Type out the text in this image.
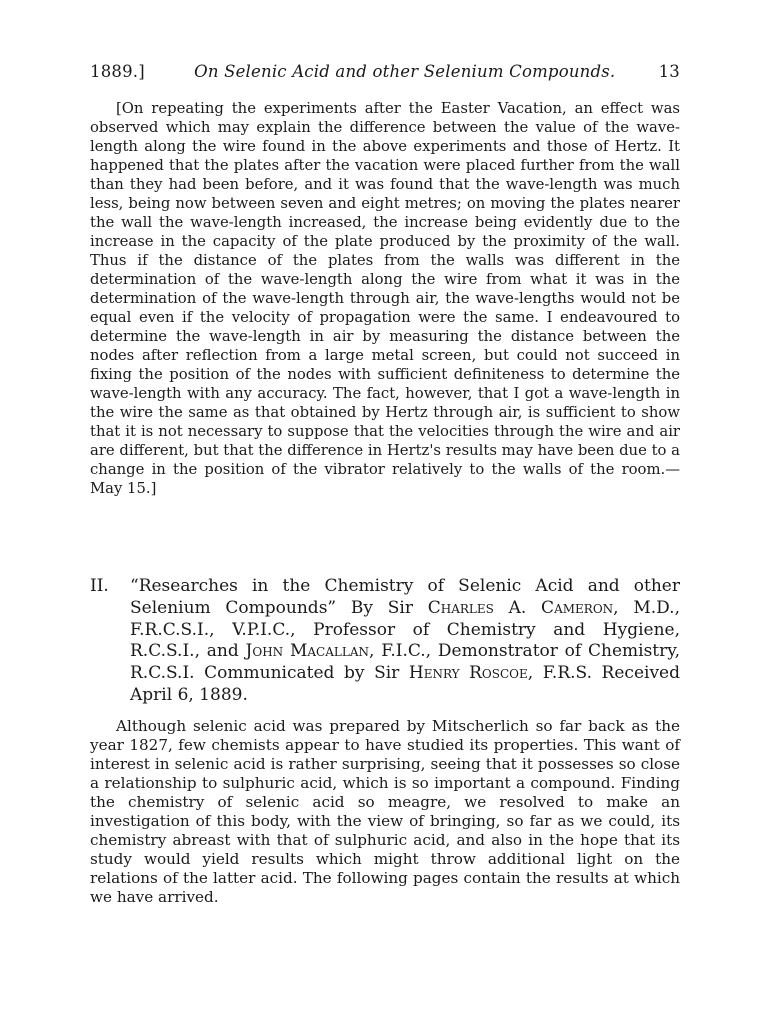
1889.]	On Selenic Acid and other Selenium Compounds.	13

[On repeating the experiments after the Easter Vacation, an effect was observed which may explain the difference between the value of the wave-length along the wire found in the above experiments and those of Hertz. It happened that the plates after the vacation were placed further from the wall than they had been before, and it was found that the wave-length was much less, being now between seven and eight metres; on moving the plates nearer the wall the wave-length increased, the increase being evidently due to the increase in the capacity of the plate produced by the proximity of the wall. Thus if the distance of the plates from the walls was different in the determination of the wave-length along the wire from what it was in the determination of the wave-length through air, the wave-lengths would not be equal even if the velocity of propagation were the same. I endeavoured to determine the wave-length in air by measuring the distance between the nodes after reflection from a large metal screen, but could not succeed in fixing the position of the nodes with sufficient definiteness to determine the wave-length with any accuracy. The fact, however, that I got a wave-length in the wire the same as that obtained by Hertz through air, is sufficient to show that it is not necessary to suppose that the velocities through the wire and air are different, but that the difference in Hertz's results may have been due to a change in the position of the vibrator relatively to the walls of the room.—May 15.]

II. “Researches in the Chemistry of Selenic Acid and other Selenium Compounds” By Sir Charles A. Cameron, M.D., F.R.C.S.I., V.P.I.C., Professor of Chemistry and Hygiene, R.C.S.I., and John Macallan, F.I.C., Demonstrator of Chemistry, R.C.S.I. Communicated by Sir Henry Roscoe, F.R.S. Received April 6, 1889.

Although selenic acid was prepared by Mitscherlich so far back as the year 1827, few chemists appear to have studied its properties. This want of interest in selenic acid is rather surprising, seeing that it possesses so close a relationship to sulphuric acid, which is so important a compound. Finding the chemistry of selenic acid so meagre, we resolved to make an investigation of this body, with the view of bringing, so far as we could, its chemistry abreast with that of sulphuric acid, and also in the hope that its study would yield results which might throw additional light on the relations of the latter acid. The following pages contain the results at which we have arrived.
